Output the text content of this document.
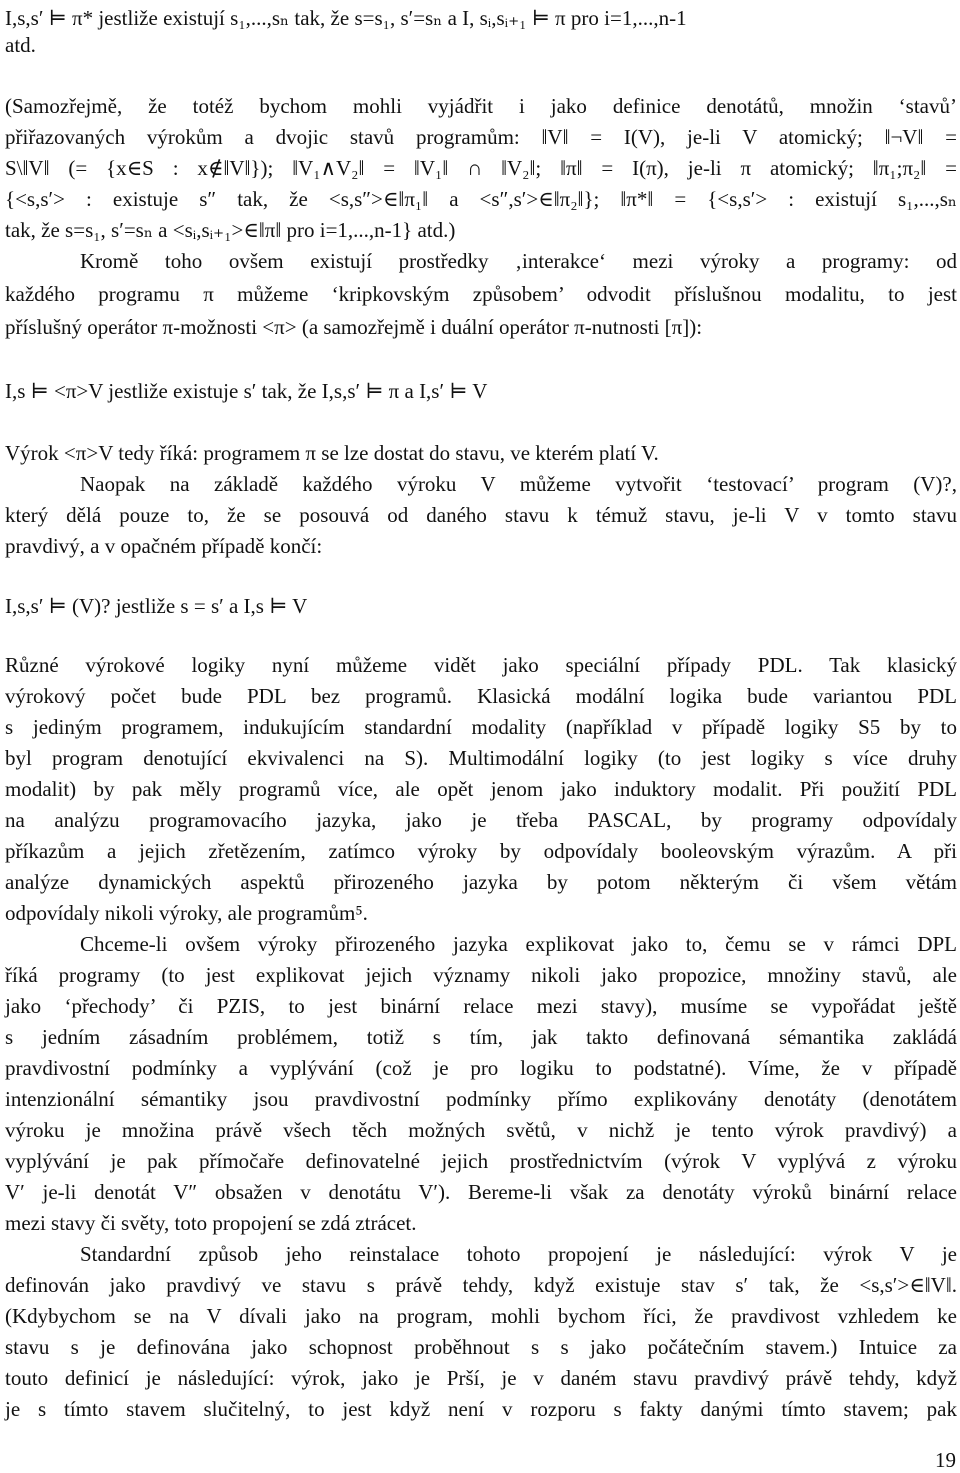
I,s,s′ ⊨ π* jestliže existují s₁,...,sₙ tak, že s=s₁, s′=sₙ a I, sᵢ,sᵢ₊₁ ⊨ π pro i=1,...,n-1
atd.
(Samozřejmě, že totéž bychom mohli vyjádřit i jako definice denotátů, množin ‘stavů’
přiřazovaných výrokům a dvojic stavů programům: ‖V‖ = I(V), je-li V atomický; ‖¬V‖ =
S\‖V‖ (= {x∈S : x∉‖V‖}); ‖V₁∧V₂‖ = ‖V₁‖ ∩ ‖V₂‖; ‖π‖ = I(π), je-li π atomický; ‖π₁;π₂‖ =
{<s,s′> : existuje s″ tak, že <s,s″>∈‖π₁‖ a <s″,s′>∈‖π₂‖}; ‖π*‖ = {<s,s′> : existují s₁,...,sₙ
tak, že s=s₁, s′=sₙ a <sᵢ,sᵢ₊₁>∈‖π‖ pro i=1,...,n-1} atd.)
Kromě toho ovšem existují prostředky ‚interakce‘ mezi výroky a programy: od
každého programu π můžeme ‘kripkovským způsobem’ odvodit příslušnou modalitu, to jest
příslušný operátor π-možnosti <π> (a samozřejmě i duální operátor π-nutnosti [π]):
I,s ⊨ <π>V jestliže existuje s′ tak, že I,s,s′ ⊨ π a I,s′ ⊨ V
Výrok <π>V tedy říká: programem π se lze dostat do stavu, ve kterém platí V.
Naopak na základě každého výroku V můžeme vytvořit ‘testovací’ program (V)?,
který dělá pouze to, že se posouvá od daného stavu k témuž stavu, je-li V v tomto stavu
pravdivý, a v opačném případě končí:
I,s,s′ ⊨ (V)? jestliže s = s′ a I,s ⊨ V
Různé výrokové logiky nyní můžeme vidět jako speciální případy PDL. Tak klasický
výrokový počet bude PDL bez programů. Klasická modální logika bude variantou PDL
s jediným programem, indukujícím standardní modality (například v případě logiky S5 by to
byl program denotující ekvivalenci na S). Multimodální logiky (to jest logiky s více druhy
modalit) by pak měly programů více, ale opět jenom jako induktory modalit. Při použití PDL
na analýzu programovacího jazyka, jako je třeba PASCAL, by programy odpovídaly
příkazům a jejich zřetězením, zatímco výroky by odpovídaly booleovským výrazům. A při
analýze dynamických aspektů přirozeného jazyka by potom některým či všem větám
odpovídaly nikoli výroky, ale programům⁵.
Chceme-li ovšem výroky přirozeného jazyka explikovat jako to, čemu se v rámci DPL
říká programy (to jest explikovat jejich významy nikoli jako propozice, množiny stavů, ale
jako ‘přechody’ či PZIS, to jest binární relace mezi stavy), musíme se vypořádat ještě
s jedním zásadním problémem, totiž s tím, jak takto definovaná sémantika zakládá
pravdivostní podmínky a vyplývání (což je pro logiku to podstatné). Víme, že v případě
intenzionální sémantiky jsou pravdivostní podmínky přímo explikovány denotáty (denotátem
výroku je množina právě všech těch možných světů, v nichž je tento výrok pravdivý) a
vyplývání je pak přímočaře definovatelné jejich prostřednictvím (výrok V vyplývá z výroku
V′ je-li denotát V″ obsažen v denotátu V′). Bereme-li však za denotáty výroků binární relace
mezi stavy či světy, toto propojení se zdá ztrácet.
Standardní způsob jeho reinstalace tohoto propojení je následující: výrok V je
definován jako pravdivý ve stavu s právě tehdy, když existuje stav s′ tak, že <s,s′>∈‖V‖.
(Kdybychom se na V dívali jako na program, mohli bychom říci, že pravdivost vzhledem ke
stavu s je definována jako schopnost proběhnout s s jako počátečním stavem.) Intuice za
touto definicí je následující: výrok, jako je Prší, je v daném stavu pravdivý právě tehdy, když
je s tímto stavem slučitelný, to jest když není v rozporu s fakty danými tímto stavem; pak
19
